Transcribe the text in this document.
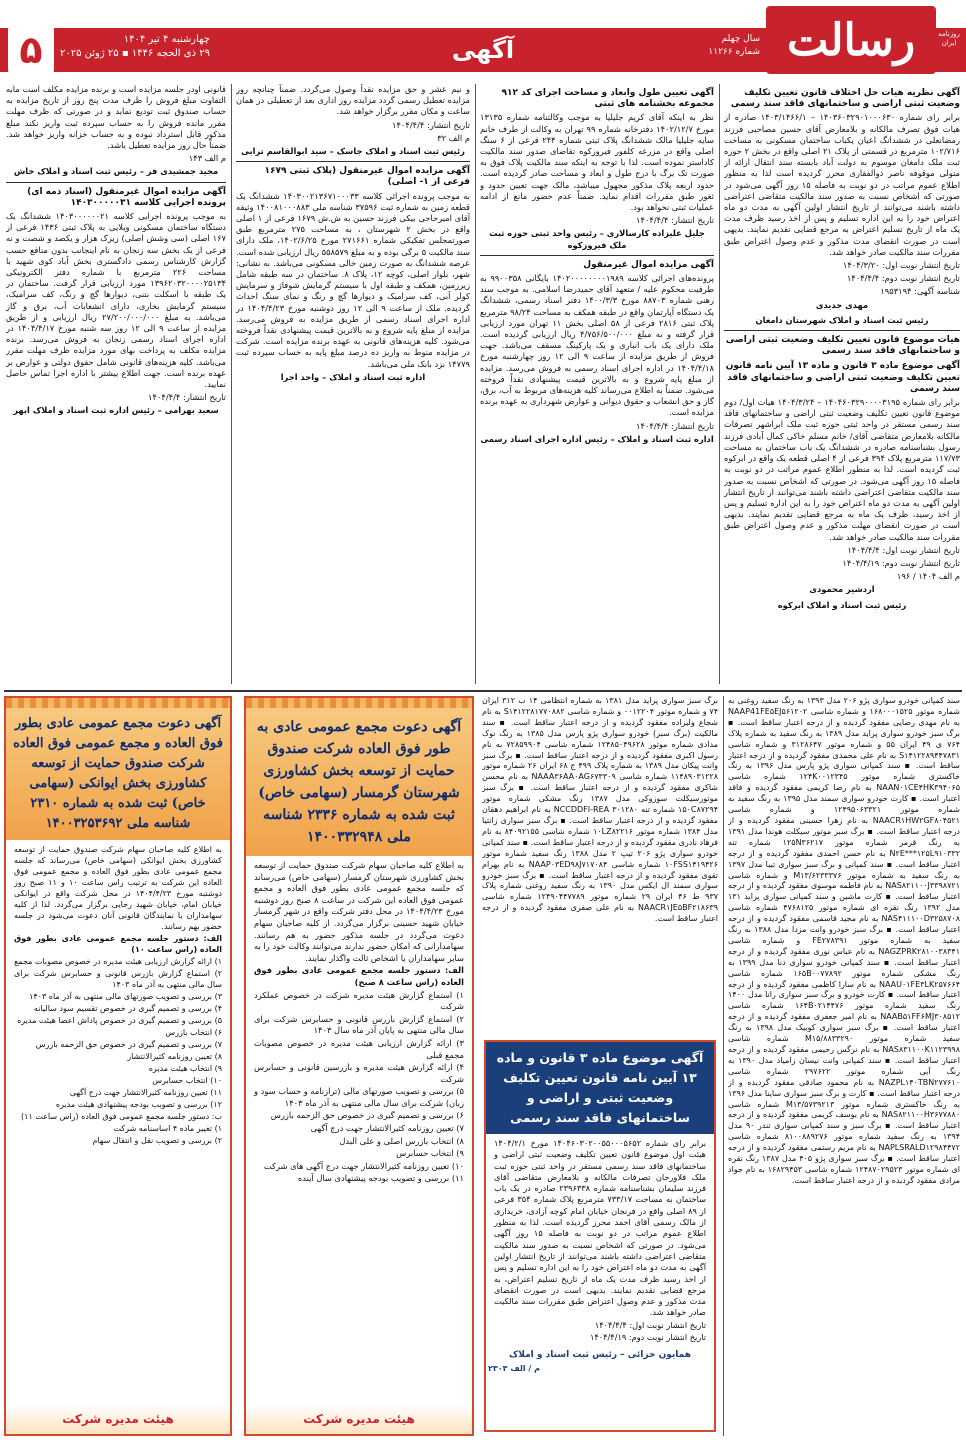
رسالت	روزنامه ایران
سال چهلم
شماره ۱۱۲۶۶
آگهی
چهارشنبه ۴ تیر ۱۴۰۴
۲۹ ذی الحجه ۱۴۴۶ ▪ ۲۵ ژوئن ۲۰۲۵
۵
آگهی نظریه هیات حل اختلاف قانون تعیین تکلیف وضعیت ثبتی اراضی و ساختمانهای فاقد سند رسمی

برابر رای شماره ۱۴۰۳۶۰۳۲۹۰۱۰۰۰۶۳۰ – ۱۴۰۳/۱۴۶۶/۱ صادره از هیات فوق تصرف مالکانه و بلامعارض آقای حسین مصاحبی فرزند رمضانعلی در ششدانگ اعیان یکباب ساختمان مسکونی به مساحت ۱۰۲/۷۱۶ مترمربع در قسمتی از پلاک ۲۱ اصلی واقع در بخش ۲ حوزه ثبت ملک دامغان موسوم به دولت آباد بابسته سند انتقال ارائه از متولی موقوفه ناصر ذوالفقاری محرز گردیده است لذا به منظور اطلاع عموم مراتب در دو نوبت به فاصله ۱۵ روز آگهی می‌شود در صورتی که اشخاص نسبت به صدور سند مالکیت متقاضی اعتراضی داشته باشند می‌توانند از تاریخ انتشار اولین آگهی به مدت دو ماه اعتراض خود را به این اداره تسلیم و پس از اخذ رسید ظرف مدت یک ماه از تاریخ تسلیم اعتراض به مرجع قضایی تقدیم نمایند. بدیهی است در صورت انقضای مدت مذکور و عدم وصول اعتراض طبق مقررات سند مالکیت صادر خواهد شد.

تاریخ انتشار نوبت اول: ۱۴۰۴/۳/۲۰

تاریخ انتشار نوبت دوم: ۱۴۰۴/۴/۴

شناسه آگهی: ۱۹۵۳۱۹۴

مهدی جدیدی
رئیس ثبت اسناد و املاک شهرستان دامغان
هیات موضوع قانون تعیین تکلیف وضعیت ثبتی اراضی و ساختمانهای فاقد سند رسمی
آگهی موضوع ماده ۳ قانون و ماده ۱۳ آیین نامه قانون تعیین تکلیف وضعیت ثبتی اراضی و ساختمانهای فاقد سند رسمی

برابر رای شماره ۱۴۰۴۶۰۳۲۹۰۰۰۰۳۱۹۵ – ۱۴۰۴/۳/۲۴ هیات اول/ دوم موضوع قانون تعیین تکلیف وضعیت ثبتی اراضی و ساختمانهای فاقد سند رسمی مستقر در واحد ثبتی حوزه ثبت ملک ابراشهر تصرفات مالکانه بلامعارض متقاضی آقای/ خانم مسلم خاکی کمال آبادی فرزند رسول بشناسنامه صادره در ششدانگ یک باب ساختمان به مساحت ۱۱۷/۷۳ مترمربع پلاک ۳۹۴ فرعی از ۴ اصلی قطعه یک واقع در ابرکوه ثبت گردیده است. لذا به منظور اطلاع عموم مراتب در دو نوبت به فاصله ۱۵ روز آگهی می‌شود. در صورتی که اشخاص نسبت به صدور سند مالکیت متقاضی اعتراضی داشته باشند می‌توانند از تاریخ انتشار اولین آگهی به مدت دو ماه اعتراض خود را به این اداره تسلیم و پس از اخذ رسید، ظرف یک ماه به مرجع قضایی تقدیم نمایند. بدیهی است در صورت انقضای مهلت مذکور و عدم وصول اعتراض طبق مقررات سند مالکیت صادر خواهد شد.

تاریخ انتشار نوبت اول: ۱۴۰۴/۴/۴

تاریخ انتشار نوبت دوم: ۱۴۰۴/۴/۱۹

م الف ۱۴۰۴ / ۱۹۶

اردشیر محمودی
رئیس ثبت اسناد و املاک ابرکوه
آگهی تعیین طول وابعاد و مساحت اجرای کد ۹۱۲ مجموعه بخشنامه های ثبتی

نظر به اینکه آقای کریم جلیلیا به موجب وکالتنامه شماره ۱۳۱۳۵ مورخ ۱۴۰۲/۱۲/۷ دفترخانه شماره ۹۹ تهران به وکالت از طرف خانم سایه جلیلیا مالک ششدانگ پلاک ثبتی شماره ۲۴۴ فرعی از ۶ سنگ اصلی واقع در مزرعه کلفور فیروزکوه تقاضای صدور سند مالکیت کاداستر نموده است. لذا با توجه به اینکه سند مالکیت پلاک فوق به صورت تک برگ با درج طول و ابعاد و مساحت صادر گردیده است. حدود اربعه پلاک مذکور مجهول میباشد، مالک جهت تعیین حدود و ثغور طبق مقررات اقدام نماید. ضمناً عدم حضور مانع از ادامه عملیات ثبتی نخواهد بود.

تاریخ انتشار: ۱۴۰۴/۴/۴

جلیل علیزاده کارسالاری – رئیس واحد ثبتی حوزه ثبت ملک فیروزکوه
آگهی مزایده اموال غیرمنقول

پرونده‌های اجرائی کلاسه ۱۴۰۲۰۰۰۰۰۰۰۰۱۹۸۹ بایگانی ۹۹۰۰۳۵۸ به طرفیت محکوم علیه / متعهد آقای حمیدرضا اسلامی. به موجب سند رهنی شماره ۸۸۷۰۳ مورخ ۱۴۰۰/۳/۳ دفتر اسناد رسمی، ششدانگ یک دستگاه آپارتمان واقع در طبقه همکف به مساحت ۹۸/۲۴ مترمربع پلاک ثبتی ۲۸۱۶ فرعی از ۵۸ اصلی بخش ۱۱ تهران مورد ارزیابی قرار گرفته و به مبلغ ۴/۷۵۶/۵۰۰/۰۰۰ ریال ارزیابی گردیده است. ملک دارای یک باب انباری و یک پارکینگ مسقف می‌باشد. جهت فروش از طریق مزایده از ساعت ۹ الی ۱۲ روز چهارشنبه مورخ ۱۴۰۴/۴/۱۸ در اداره اجرای اسناد رسمی به فروش می‌رسد. مزایده از مبلغ پایه شروع و به بالاترین قیمت پیشنهادی نقداً فروخته می‌شود. ضمناً به اطلاع می‌رساند کلیه هزینه‌های مربوط به آب، برق، گاز و حق انشعاب و حقوق دیوانی و عوارض شهرداری به عهده برنده مزایده است.

تاریخ انتشار: ۱۴۰۴/۴/۴

اداره ثبت اسناد و املاک – رئیس اداره اجرای اسناد رسمی

و نیم عشر و حق مزایده نقداً وصول می‌گردد. ضمناً چنانچه روز مزایده تعطیل رسمی گردد مزایده روز اداری بعد از تعطیلی در همان ساعت و مکان مقرر برگزار خواهد شد.

تاریخ انتشار: ۱۴۰۴/۴/۴

م الف ۳۲

رئیس ثبت اسناد و املاک جاسک – سید ابوالقاسم ترابی
آگهی مزایده اموال غیرمنقول (پلاک ثبتی ۱۶۷۹ فرعی از ۱- اصلی)

به موجب پرونده اجرائی کلاسه ۱۴۰۳۰۰۲۱۳۶۷۱۰۰۰۳۳ ششدانگ یک قطعه زمین به شماره ثبت ۳۷۵۹۶ شناسه ملی ۱۴۰۰۸۱۰۰۰۸۸۳ وثیقه آقای امیرحاجی بیکی فرزند حسین به ش.ش ۱۶۷۹ فرعی از ۱ اصلی واقع در بخش ۲ شهرستان ، به مساحت ۲۷۵ مترمربع طبق صورتمجلس تفکیکی شماره ۲۷۱۶۶۱ مورخ ۱۴۰۲/۶/۲۵، ملک دارای سند مالکیت ۵ برگی بوده و به مبلغ ۵۵۸۵۷۹ ریال ارزیابی شده است. عرصه ششدانگ به صورت زمین خالی مسکونی می‌باشد. به نشانی: شهر، بلوار اصلی، کوچه ۱۲، پلاک ۸. ساختمان در سه طبقه شامل زیرزمین، همکف و طبقه اول با سیستم گرمایش شوفاژ و سرمایش کولر آبی، کف سرامیک و دیوارها گچ و رنگ و نمای سنگ احداث گردیده. ملک از ساعت ۹ الی ۱۲ روز دوشنبه مورخ ۱۴۰۴/۴/۲۳ در اداره اجرای اسناد رسمی از طریق مزایده به فروش می‌رسد. مزایده از مبلغ پایه شروع و به بالاترین قیمت پیشنهادی نقداً فروخته می‌شود. کلیه هزینه‌های قانونی به عهده برنده مزایده است. شرکت در مزایده منوط به واریز ده درصد مبلغ پایه به حساب سپرده ثبت ۱۴۷۷۹ نزد بانک ملی می‌باشد.

اداره ثبت اسناد و املاک – واحد اجرا

قانونی اودر جلسه مزایده است و برنده مزایده مکلف است مابه التفاوت مبلغ فروش را ظرف مدت پنج روز از تاریخ مزایده به حساب صندوق ثبت تودیع نماید و در صورتی که ظرف مهلت مقرر مانده فروش را به حساب سپرده ثبت واریز نکند مبلغ مذکور قابل استرداد نبوده و به حساب خزانه واریز خواهد شد. ضمناً حال روز مزایده تعطیل باشد.

م الف ۱۴۳

مجید جمشیدی فر – رئیس ثبت اسناد و املاک خاش
آگهی مزایده اموال غیرمنقول (اسناد ذمه ای) پرونده اجرایی کلاسه ۱۴۰۳۰۰۰۰۰۳۱

به موجب پرونده اجرایی کلاسه ۱۴۰۳۰۰۰۰۰۰۲۱ ششدانگ یک دستگاه ساختمان مسکونی ویلایی به پلاک ثبتی ۱۴۳۶ فرعی از ۱۶۷ اصلی (سی وشش اصلی) زیرک هزار و یکصد و شصت و نه فرعی از یک بخش سه زنجان به نام اینجانب بدون منافع حسب گزارش کارشناس رسمی دادگستری بخش آباد کوی شهید با مساحت ۲۲۶ مترمربع با شماره دفتر الکترونیکی ۱۳۹۶۲۰۳۲۰۰۰۰۲۵۱۳۴ مورد ارزیابی قرار گرفت. ساختمان در یک طبقه با اسکلت بتنی، دیوارها گچ و رنگ، کف سرامیک، سیستم گرمایش بخاری، دارای انشعابات آب، برق و گاز می‌باشد. به مبلغ ۲۷/۲۰۰/۰۰۰/۰۰۰ ریال ارزیابی و از طریق مزایده از ساعت ۹ الی ۱۲ روز سه شنبه مورخ ۱۴۰۴/۴/۱۷ در اداره اجرای اسناد رسمی زنجان به فروش می‌رسد. برنده مزایده مکلف به پرداخت بهای مورد مزایده ظرف مهلت مقرر می‌باشد. کلیه هزینه‌های قانونی شامل حقوق دولتی و عوارض بر عهده برنده است. جهت اطلاع بیشتر با اداره اجرا تماس حاصل نمایید.

تاریخ انتشار: ۱۴۰۴/۴/۴

سعید بهرامی – رئیس اداره ثبت اسناد و املاک ابهر

سند کمپانی خودرو سواری پژو ۲۰۶ مدل ۱۳۹۳ به رنگ سفید روغنی به شماره موتور ۱۶۸۰۰۰۱۵۲۵ و شماره شاسی NAAP41FE۵EJ۵۶۱۲۰۲ به نام مهدی رضایی مفقود گردیده و از درجه اعتبار ساقط است. ▪ برگ سبز خودرو سواری پراید مدل ۱۳۸۹ به رنگ سفید به شماره پلاک ۷۶۴ ی ۴۹ ایران ۵۵ و شماره موتور ۳۱۲۸۶۴۷ و شماره شاسی S۱۴۱۲۲۸۹۴۴۷۸۳۱ به نام علی محمدی مفقود گردیده و از درجه اعتبار ساقط است. ▪ سند کمپانی سواری پژو پارس مدل ۱۳۹۶ به رنگ خاکستری شماره موتور ۱۲۴K۰۰۱۲۳۴۵ شماره شاسی NAAN۰۱CE۴HK۳۹۴۰۶۵ به نام رضا کریمی مفقود گردیده و فاقد اعتبار است. ▪ کارت خودرو سواری سمند مدل ۱۳۹۵ به رنگ سفید به شماره موتور ۱۲۴۹۵۰۶۳۳۲۱ و شماره شاسی NAACR۱HW۲GF۸۰۴۵۲۱ به نام زهرا حسینی مفقود گردیده و از درجه اعتبار ساقط است. ▪ برگ سبز موتور سیکلت هوندا مدل ۱۳۹۱ به رنگ قرمز شماره موتور ۱۲۵N۳۶۲۱۷ شماره تنه N۲E***۱۲۵L۹۱۰۳۳۲ به نام حسن احمدی مفقود گردیده و از درجه اعتبار ساقط است. ▪ سند کمپانی و برگ سبز سواری تیبا مدل ۱۳۹۷ به رنگ سفید به شماره موتور M۱۳/۶۲۳۳۳۷۶ و شماره شاسی NAS۸۲۱۱۰۰J۳۳۹۸۷۲۱ به نام فاطمه موسوی مفقود گردیده و از درجه اعتبار ساقط است. ▪ کارت ماشین و سند کمپانی سواری پراید ۱۳۱ مدل ۱۳۹۲ رنگ نقره ای شماره موتور ۴۷۶۸۱۲۵ شماره شاسی NAS۴۱۱۱۰۰D۳۲۵۸۷۰۸ به نام مجید قاسمی مفقود گردیده و از درجه اعتبار ساقط است. ▪ برگ سبز خودرو وانت مزدا مدل ۱۳۸۸ به رنگ سفید به شماره موتور FE۲۷۸۳۹۱ و شماره شاسی NAGZPRK۲۸۱۰۰۳۸۳۴۱ به نام عباس نوری مفقود گردیده و از درجه اعتبار ساقط است. ▪ سند کمپانی خودرو سواری دنا مدل ۱۳۹۹ به رنگ مشکی شماره موتور ۱۶۵B۰۰۷۷۸۹۲ شماره شاسی NAAU۰۱FE۳LK۲۵۷۶۶۴ به نام سارا کاظمی مفقود گردیده و از درجه اعتبار ساقط است. ▪ کارت خودرو و برگ سبز سواری رانا مدل ۱۴۰۰ رنگ سفید شماره موتور ۱۶۴B۰۲۱۴۴۷۶ شماره شاسی NAAB۵۱FF۶MJ۳۰۸۵۱۲ به نام امیر جعفری مفقود گردیده و از درجه اعتبار ساقط است. ▪ برگ سبز سواری کوییک مدل ۱۳۹۸ به رنگ سفید شماره موتور M۱۵/۸۸۳۳۲۹۰ شماره شاسی NAS۸۳۱۱۰۰K۱۱۲۳۹۹۸ به نام نرگس رحیمی مفقود گردیده و از درجه اعتبار ساقط است. ▪ سند کمپانی وانت نیسان زامیاد مدل ۱۳۹۰ به رنگ آبی شماره موتور ۲۹۷۶۲۲ شماره شاسی NAZPL۱۴۰TBN۲۷۷۶۱۰ به نام محمود صادقی مفقود گردیده و از درجه اعتبار ساقط است. ▪ کارت و برگ سبز سواری ساینا مدل ۱۳۹۶ به رنگ خاکستری شماره موتور M۱۳/۵۷۳۹۲۱۳ شماره شاسی NAS۸۲۱۱۰۰H۳۶۷۷۸۸۰ به نام یوسف کریمی مفقود گردیده و از درجه اعتبار ساقط است. ▪ برگ سبز و سند کمپانی سواری تندر ۹۰ مدل ۱۳۹۴ به رنگ سفید شماره موتور ۸۱۰۰۸۸۹۲۷۶ شماره شاسی NAPLSRALD۱۲۹۸۴۴۷۲ به نام مریم رستمی مفقود گردیده و از درجه اعتبار ساقط است. ▪ برگ سبز سواری پژو ۴۰۵ مدل ۱۳۸۷ رنگ نقره ای شماره موتور ۱۲۴۸۷۰۲۹۵۲۳ شماره شاسی ۱۶۸۲۹۴۵۳ به نام جواد مرادی مفقود گردیده و از درجه اعتبار ساقط است.

برگ سبز سواری پراید مدل ۱۳۸۱ به شماره انتظامی ۱۴ ب ۳۱۲ ایران ۷۴ و شماره موتور ۰۰۱۲۲۰۴ و شماره شاسی S۱۴۱۲۲۸۱۷۷۰۸۸۲ به نام شجاع ولیزاده مفقود گردیده و از درجه اعتبار ساقط است. ▪ سند مالکیت (برگ سبز) خودرو سواری پژو پارس مدل ۱۳۸۵ به رنگ نوک مدادی شماره موتور ۱۲۴۸۵۰۴۹۶۲۸ شماره شاسی ۷۲۸۵۹۹۰۴ به نام رسول اکبری مفقود گردیده و از درجه اعتبار ساقط است. ▪ برگ سبز وانت پیکان مدل ۱۳۸۹ به شماره پلاک ۴۹۹ ج ۶۸ ایران ۲۶ شماره موتور ۱۱۴۸۹۰۳۱۲۲۸ شماره شاسی NAAA۳۶AA۰AG۶۷۳۳۰۹ به نام محسن شاکری مفقود گردیده و از درجه اعتبار ساقط است. ▪ برگ سبز موتورسیکلت سوزوکی مدل ۱۳۸۷ رنگ مشکی شماره موتور ۱۵۰C۸۷۲۹۴ شماره تنه NCCDDFI-REA ۳۰۱۲۸۰ به نام ابراهیم دهقان مفقود گردیده و از درجه اعتبار ساقط است. ▪ برگ سبز سواری زانتیا مدل ۱۳۸۴ شماره موتور ۱۰LZ۸۲۲۱۶ شماره شاسی ۸۴۰۹۲۱۵۵ به نام فرهاد نادری مفقود گردیده و از درجه اعتبار ساقط است. ▪ سند کمپانی خودرو سواری پژو ۲۰۶ تیپ ۲ مدل ۱۳۸۸ رنگ سفید شماره موتور ۱۰FSS۱۴۱۹۴۲۶ شماره شاسی NAAP۰۳ED۹۸J۷۱۷۰۸۴ به نام بهرام تقوی مفقود گردیده و از درجه اعتبار ساقط است. ▪ برگ سبز خودرو سواری سمند ال ایکس مدل ۱۳۹۰ به رنگ سفید روغنی شماره پلاک ۹۳۷ ط ۴۶ ایران ۲۹ شماره موتور ۱۲۴۹۰۴۴۷۷۸۹ شماره شاسی NAACR۱JE۵BF۲۱۸۶۳۹ به نام علی صفری مفقود گردیده و از درجه اعتبار ساقط است.

آگهی موضوع ماده ۳ قانون و ماده ۱۳ آیین نامه قانون تعیین تکلیف وضعیت ثبتی و اراضی و ساختمانهای فاقد سند رسمی

برابر رای شماره ۱۴۰۴۶۰۳۰۲۰۰۵۵۰۰۰۵۶۵۲ مورخ ۱۴۰۴/۲/۱ هیئت اول موضوع قانون تعیین تکلیف وضعیت ثبتی اراضی و ساختمانهای فاقد سند رسمی مستقر در واحد ثبتی حوزه ثبت ملک فلاورجان تصرفات مالکانه و بلامعارض متقاضی آقای فرزند سلیمان بشناسنامه شماره ۲۳۹۶۳۳۸ صادره در یک باب ساختمان به مساحت ۷۳۳/۱۷ مترمربع پلاک شماره ۳۵۴ فرعی از ۸۹ اصلی واقع در فرنجان خیابان امام کوچه آزادی، خریداری از مالک رسمی آقای احمد محرز گردیده است. لذا به منظور اطلاع عموم مراتب در دو نوبت به فاصله ۱۵ روز آگهی می‌شود. در صورتی که اشخاص نسبت به صدور سند مالکیت متقاضی اعتراضی داشته باشند می‌توانند از تاریخ انتشار اولین آگهی به مدت دو ماه اعتراض خود را به این اداره تسلیم و پس از اخذ رسید ظرف مدت یک ماه از تاریخ تسلیم اعتراض، به مرجع قضایی تقدیم نمایند. بدیهی است در صورت انقضای مدت مذکور و عدم وصول اعتراض طبق مقررات سند مالکیت صادر خواهد شد.

تاریخ انتشار نوبت اول: ۱۴۰۴/۴/۴

تاریخ انتشار نوبت دوم: ۱۴۰۴/۴/۱۹

همایون خزائی – رئیس ثبت اسناد و املاک
م / الف ۲۳۰۳
آگهی دعوت مجمع عمومی عادی به طور فوق العاده شرکت صندوق حمایت از توسعه بخش کشاورزی شهرستان گرمسار (سهامی خاص) ثبت شده به شماره ۲۳۳۶ شناسه ملی ۱۴۰۰۳۳۲۹۴۸

به اطلاع کلیه صاحبان سهام شرکت صندوق حمایت از توسعه بخش کشاورزی شهرستان گرمسار (سهامی خاص) می‌رساند که جلسه مجمع عمومی عادی بطور فوق العاده و مجمع عمومی فوق العاده این شرکت در ساعت ۸ صبح روز دوشنبه مورخ ۱۴۰۴/۴/۲۳ در محل دفتر شرکت واقع در شهر گرمسار خیابان شهید حسینی برگزار می‌گردد. از کلیه صاحبان سهام دعوت می‌گردد در جلسه مذکور حضور به هم رسانند. سهامدارانی که امکان حضور ندارند می‌توانند وکالت خود را به سایر سهامداران یا اشخاص ثالث واگذار نمایند.

الف: دستور جلسه مجمع عمومی عادی بطور فوق العاده (راس ساعت ۸ صبح)

۱) استماع گزارش هیئت مدیره شرکت در خصوص عملکرد شرکت

۲) استماع گزارش بازرس قانونی و حسابرس شرکت برای سال مالی منتهی به پایان آذر ماه سال ۱۴۰۳

۳) ارائه گزارش ارزیابی هیئت مدیره در خصوص مصوبات مجمع قبلی

۴) ارائه گزارش هیئت مدیره و بازرسین قانونی و حسابرس شرکت

۵) بررسی و تصویب صورتهای مالی (ترازنامه و حساب سود و زیان) شرکت برای سال مالی منتهی به آذر ماه ۱۴۰۳

۶) بررسی و تصمیم گیری در خصوص حق الزحمه بازرس

۷) تعیین روزنامه کثیرالانتشار جهت درج آگهی

۸) انتخاب بازرس اصلی و علی البدل

۹) انتخاب حسابرس

۱۰) تعیین روزنامه کثیرالانتشار جهت درج آگهی های شرکت

۱۱) بررسی و تصویب بودجه پیشنهادی سال آینده

هیئت مدیره شرکت
آگهی دعوت مجمع عمومی عادی بطور فوق العاده و مجمع عمومی فوق العاده شرکت صندوق حمایت از توسعه کشاورزی بخش ایوانکی (سهامی خاص) ثبت شده به شماره ۲۳۱۰ شناسه ملی ۱۴۰۰۳۲۵۳۶۹۲

به اطلاع کلیه صاحبان سهام شرکت صندوق حمایت از توسعه کشاورزی بخش ایوانکی (سهامی خاص) می‌رساند که جلسه مجمع عمومی عادی بطور فوق العاده و مجمع عمومی فوق العاده این شرکت به ترتیب راس ساعت ۱۰ و ۱۱ صبح روز دوشنبه مورخ ۱۴۰۴/۴/۲۳ در محل شرکت واقع در ایوانکی خیابان امام، خیابان شهید رجایی برگزار می‌گردد. لذا از کلیه سهامداران یا نمایندگان قانونی آنان دعوت می‌شود در جلسه حضور بهم رسانند.

الف: دستور جلسه مجمع عمومی عادی بطور فوق العاده (راس ساعت ۱۰)

۱) ارائه گزارش ارزیابی هیئت مدیره در خصوص مصوبات مجمع

۲) استماع گزارش بازرس قانونی و حسابرس شرکت برای سال مالی منتهی به آذر ماه ۱۴۰۳

۳) بررسی و تصویب صورتهای مالی منتهی به آذر ماه ۱۴۰۳

۴) بررسی و تصمیم گیری در خصوص تقسیم سود سالیانه

۵) بررسی و تصمیم گیری در خصوص پاداش اعضا هیئت مدیره

۶) انتخاب بازرس

۷) بررسی و تصمیم گیری در خصوص حق الزحمه بازرس

۸) تعیین روزنامه کثیرالانتشار

۹) انتخاب هیئت مدیره

۱۰) انتخاب حسابرس

۱۱) تعیین روزنامه کثیرالانتشار جهت درج آگهی

۱۲) بررسی و تصویب بودجه پیشنهادی هیئت مدیره

ب: دستور جلسه مجمع عمومی فوق العاده (راس ساعت ۱۱)

۱) تغییر ماده ۴ اساسنامه شرکت

۲) بررسی و تصویب نقل و انتقال سهام

هیئت مدیره شرکت
